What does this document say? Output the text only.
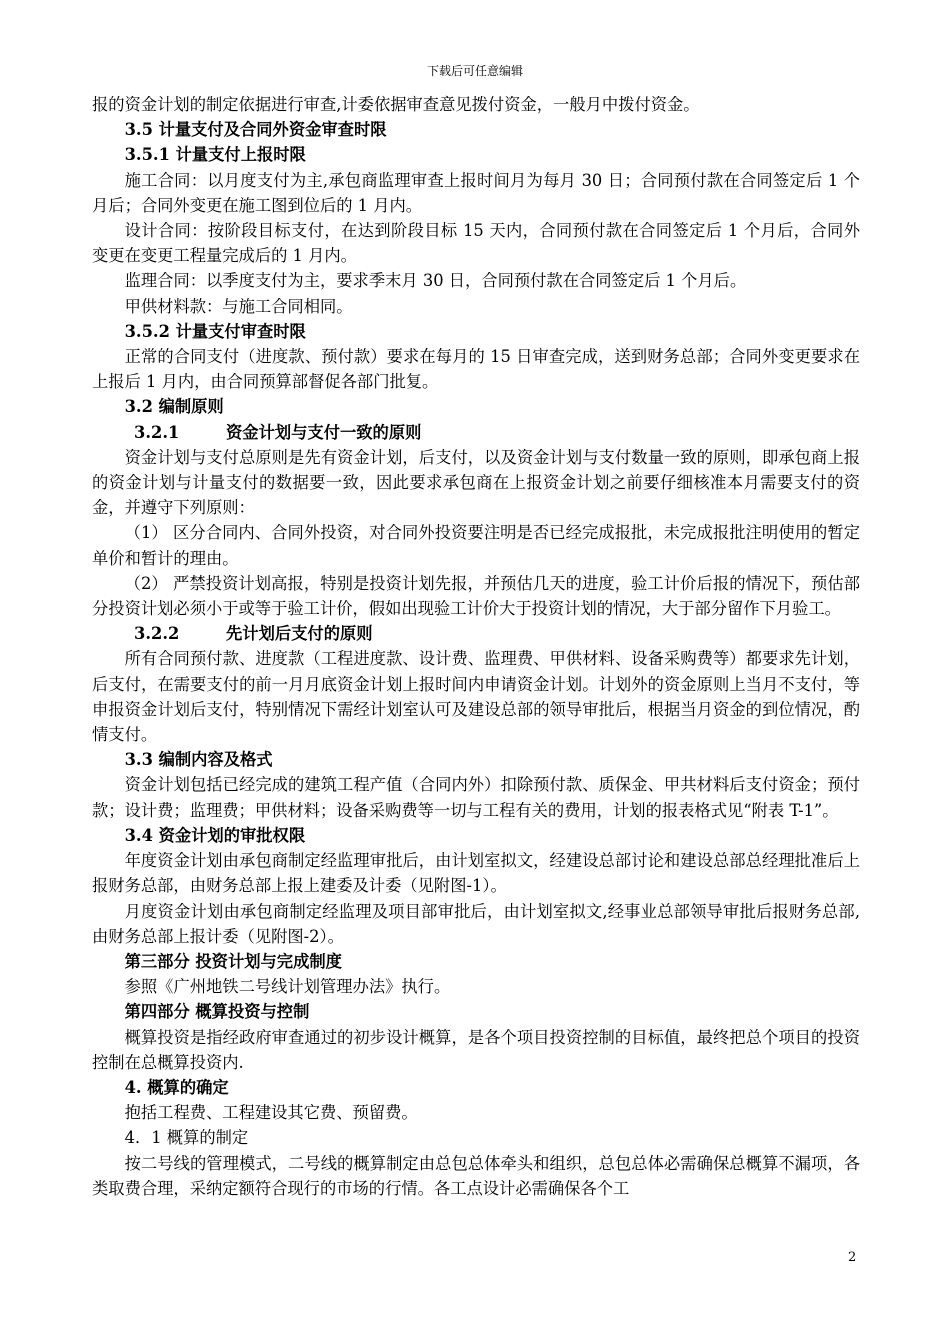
下载后可任意编辑

报的资金计划的制定依据进行审查,计委依据审查意见拨付资金，一般月中拨付资金。

3.5 计量支付及合同外资金审查时限

3.5.1 计量支付上报时限

施工合同：以月度支付为主,承包商监理审查上报时间月为每月 30 日；合同预付款在合同签定后 1 个月后；合同外变更在施工图到位后的 1 月内。

设计合同：按阶段目标支付，在达到阶段目标 15 天内，合同预付款在合同签定后 1 个月后，合同外变更在变更工程量完成后的 1 月内。

监理合同：以季度支付为主，要求季末月 30 日，合同预付款在合同签定后 1 个月后。

甲供材料款：与施工合同相同。

3.5.2 计量支付审查时限

正常的合同支付（进度款、预付款）要求在每月的 15 日审查完成，送到财务总部；合同外变更要求在上报后 1 月内，由合同预算部督促各部门批复。

3.2 编制原则

3.2.1	资金计划与支付一致的原则

资金计划与支付总原则是先有资金计划，后支付，以及资金计划与支付数量一致的原则，即承包商上报的资金计划与计量支付的数据要一致，因此要求承包商在上报资金计划之前要仔细核准本月需要支付的资金，并遵守下列原则：

（1） 区分合同内、合同外投资，对合同外投资要注明是否已经完成报批，未完成报批注明使用的暂定单价和暂计的理由。

（2） 严禁投资计划高报，特别是投资计划先报，并预估几天的进度，验工计价后报的情况下，预估部分投资计划必须小于或等于验工计价，假如出现验工计价大于投资计划的情况，大于部分留作下月验工。

3.2.2	先计划后支付的原则

所有合同预付款、进度款（工程进度款、设计费、监理费、甲供材料、设备采购费等）都要求先计划，后支付，在需要支付的前一月月底资金计划上报时间内申请资金计划。计划外的资金原则上当月不支付，等申报资金计划后支付，特别情况下需经计划室认可及建设总部的领导审批后，根据当月资金的到位情况，酌情支付。

3.3 编制内容及格式

资金计划包括已经完成的建筑工程产值（合同内外）扣除预付款、质保金、甲共材料后支付资金；预付款；设计费；监理费；甲供材料；设备采购费等一切与工程有关的费用，计划的报表格式见“附表 T-1”。

3.4 资金计划的审批权限

年度资金计划由承包商制定经监理审批后，由计划室拟文，经建设总部讨论和建设总部总经理批准后上报财务总部，由财务总部上报上建委及计委（见附图-1）。

月度资金计划由承包商制定经监理及项目部审批后，由计划室拟文,经事业总部领导审批后报财务总部,由财务总部上报计委（见附图-2）。

第三部分 投资计划与完成制度

参照《广州地铁二号线计划管理办法》执行。

第四部分 概算投资与控制

概算投资是指经政府审查通过的初步设计概算，是各个项目投资控制的目标值，最终把总个项目的投资控制在总概算投资内.

4. 概算的确定

抱括工程费、工程建设其它费、预留费。

4．1 概算的制定

按二号线的管理模式，二号线的概算制定由总包总体牵头和组织，总包总体必需确保总概算不漏项，各类取费合理，采纳定额符合现行的市场的行情。各工点设计必需确保各个工

2
